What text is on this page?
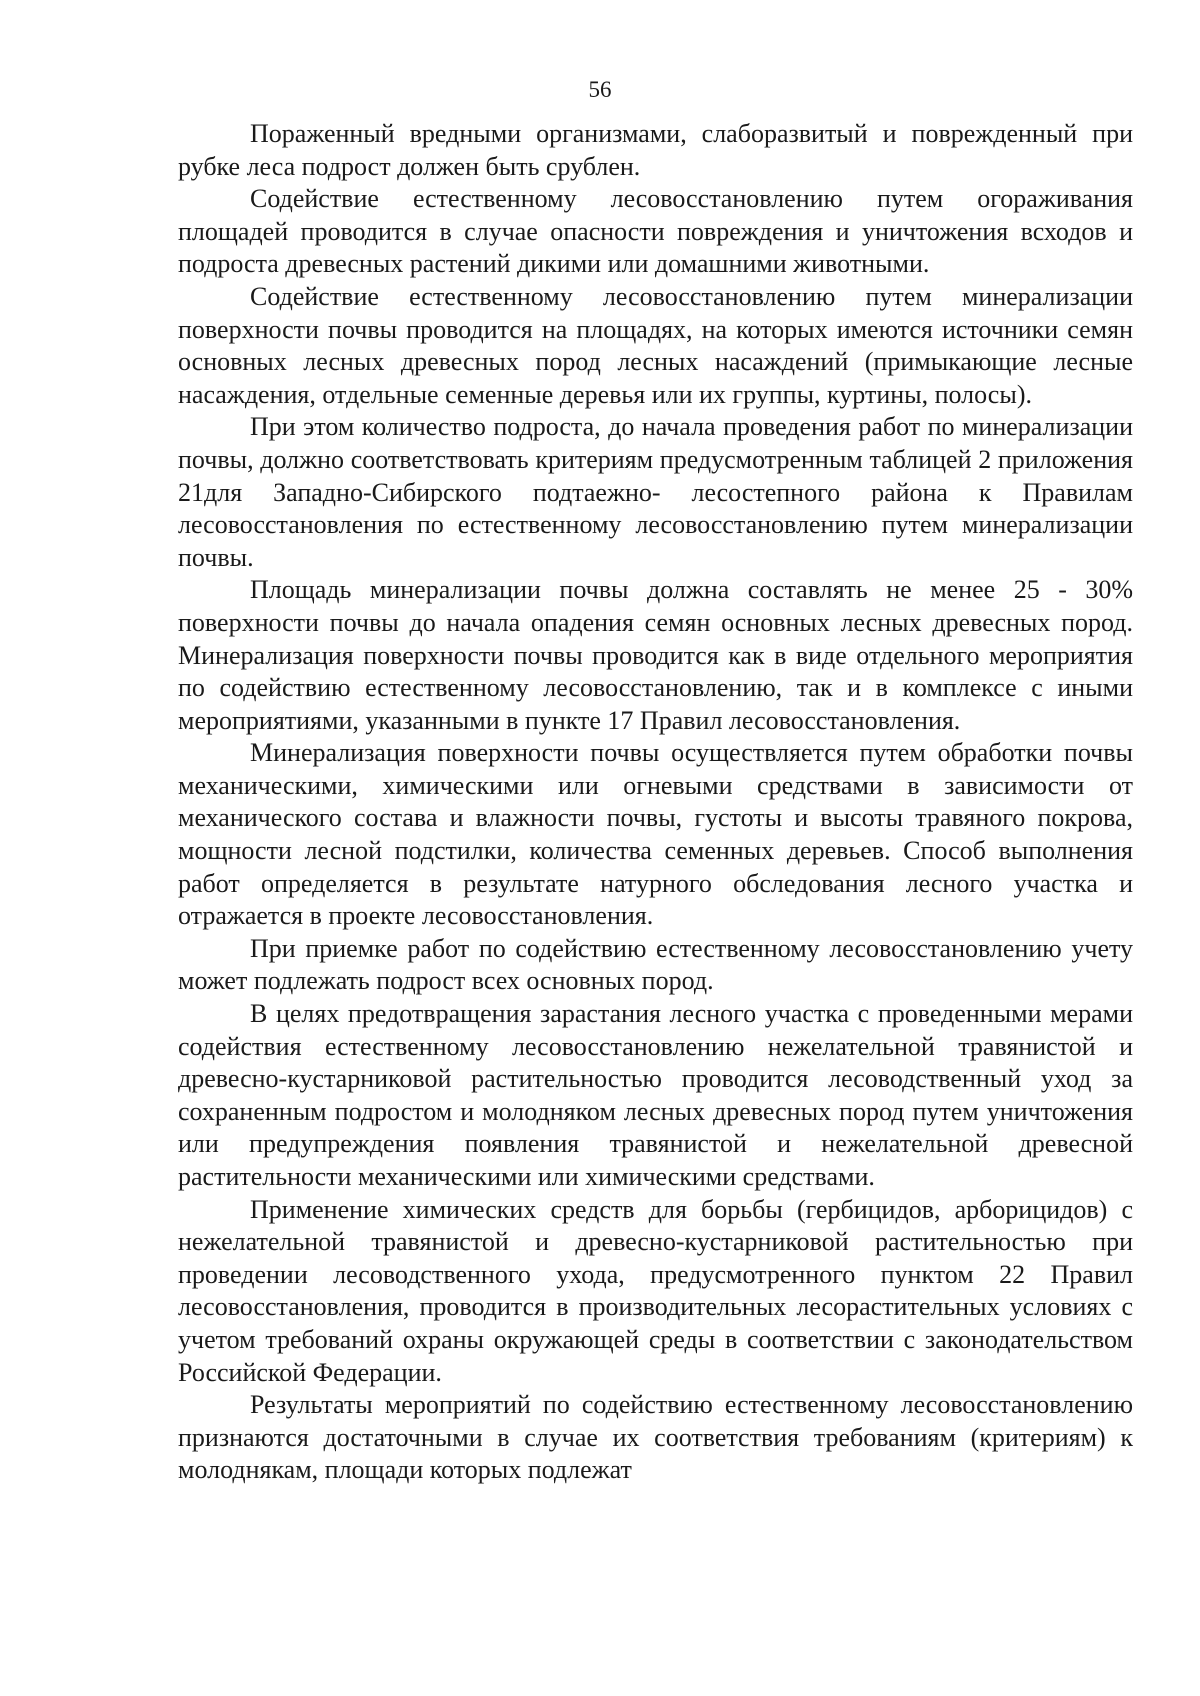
56

Пораженный вредными организмами, слаборазвитый и поврежденный при рубке леса подрост должен быть срублен.

Содействие естественному лесовосстановлению путем огораживания площадей проводится в случае опасности повреждения и уничтожения всходов и подроста древесных растений дикими или домашними животными.

Содействие естественному лесовосстановлению путем минерализации поверхности почвы проводится на площадях, на которых имеются источники семян основных лесных древесных пород лесных насаждений (примыкающие лесные насаждения, отдельные семенные деревья или их группы, куртины, полосы).

При этом количество подроста, до начала проведения работ по минерализации почвы, должно соответствовать критериям предусмотренным таблицей 2 приложения 21для Западно-Сибирского подтаежно- лесостепного района к Правилам лесовосстановления по естественному лесовосстановлению путем минерализации почвы.

Площадь минерализации почвы должна составлять не менее 25 - 30% поверхности почвы до начала опадения семян основных лесных древесных пород. Минерализация поверхности почвы проводится как в виде отдельного мероприятия по содействию естественному лесовосстановлению, так и в комплексе с иными мероприятиями, указанными в пункте 17 Правил лесовосстановления.

Минерализация поверхности почвы осуществляется путем обработки почвы механическими, химическими или огневыми средствами в зависимости от механического состава и влажности почвы, густоты и высоты травяного покрова, мощности лесной подстилки, количества семенных деревьев. Способ выполнения работ определяется в результате натурного обследования лесного участка и отражается в проекте лесовосстановления.

При приемке работ по содействию естественному лесовосстановлению учету может подлежать подрост всех основных пород.

В целях предотвращения зарастания лесного участка с проведенными мерами содействия естественному лесовосстановлению нежелательной травянистой и древесно-кустарниковой растительностью проводится лесоводственный уход за сохраненным подростом и молодняком лесных древесных пород путем уничтожения или предупреждения появления травянистой и нежелательной древесной растительности механическими или химическими средствами.

Применение химических средств для борьбы (гербицидов, арборицидов) с нежелательной травянистой и древесно-кустарниковой растительностью при проведении лесоводственного ухода, предусмотренного пунктом 22 Правил лесовосстановления, проводится в производительных лесорастительных условиях с учетом требований охраны окружающей среды в соответствии с законодательством Российской Федерации.

Результаты мероприятий по содействию естественному лесовосстановлению признаются достаточными в случае их соответствия требованиям (критериям) к молоднякам, площади которых подлежат
